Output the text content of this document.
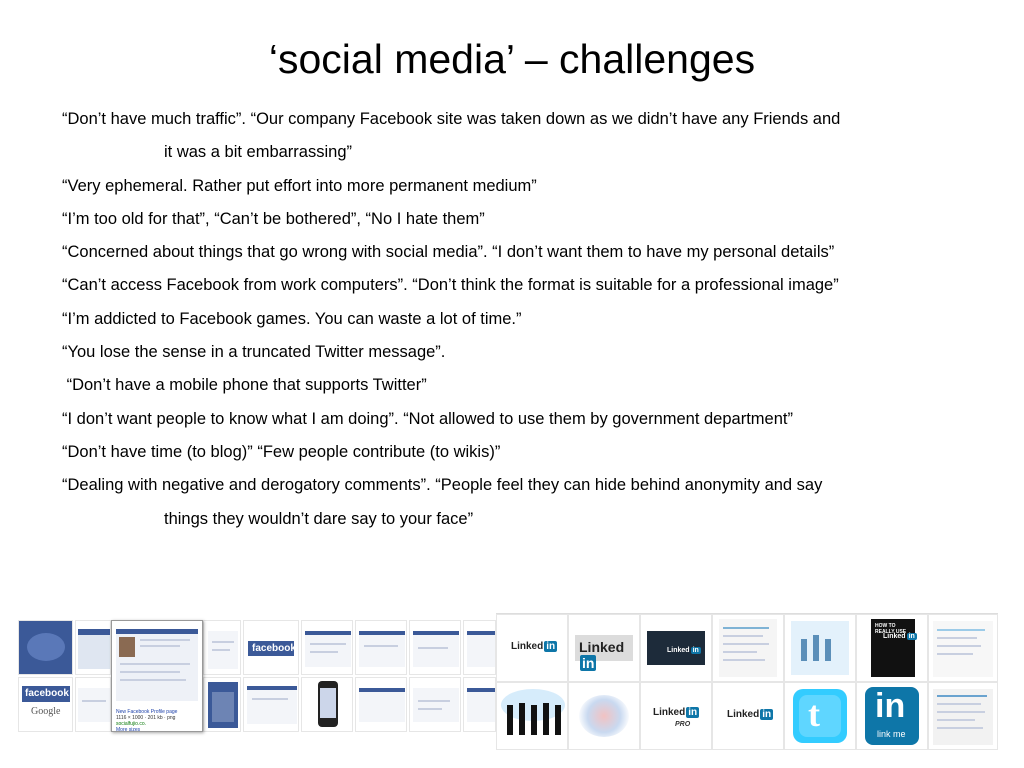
‘social media’ – challenges
“Don’t have much traffic”. “Our company Facebook site was taken down as we didn’t have any Friends and
it was a bit embarrassing”
“Very ephemeral. Rather put effort into more permanent medium”
“I’m too old for that”, “Can’t be bothered”, “No I hate them”
“Concerned about things that go wrong with social media”. “I don’t want them to have my personal details”
“Can’t access Facebook from work computers”. “Don’t think the format is suitable for a professional image”
“I’m addicted to Facebook games. You can waste a lot of time.”
“You lose the sense in a truncated Twitter message”.
“Don’t have a mobile phone that supports Twitter”
“I don’t want people to know what I am doing”. “Not allowed to use them by government department”
“Don’t have time (to blog)” “Few people contribute (to wikis)”
“Dealing with negative and derogatory comments”. “People feel they can hide behind anonymity and say
things they wouldn’t dare say to your face”
facebook
facebook
Google	New Facebook Profile page
1116 × 1000 · 201 kb · png
socialfujio.co.
More sizes
Linked in Linkedin
Linked in
HOW TO REALLY USE
Linked in
Linked in
PRO
Linked in t in
link me
